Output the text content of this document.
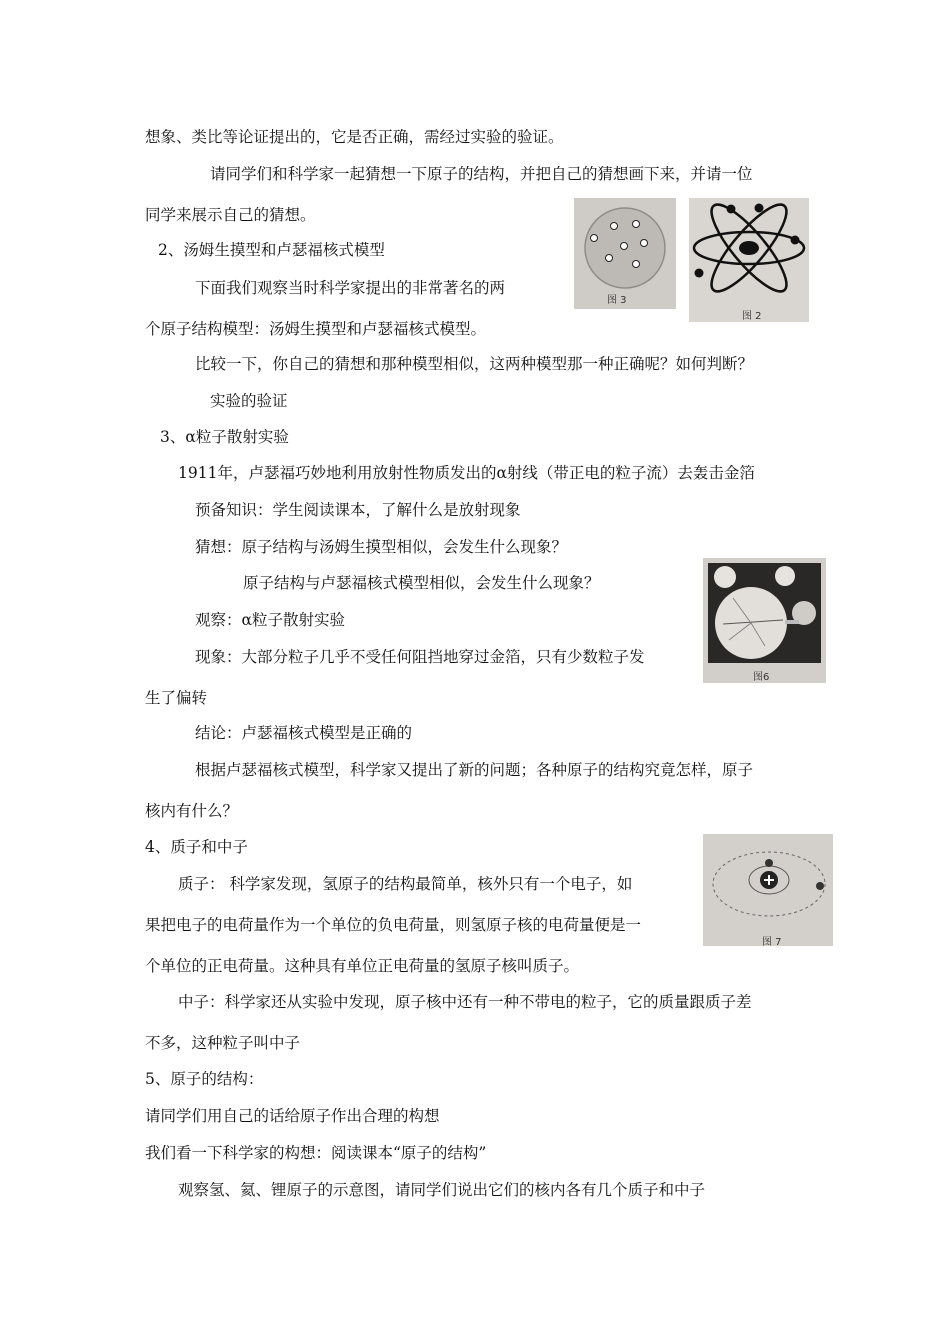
想象、类比等论证提出的，它是否正确，需经过实验的验证。
请同学们和科学家一起猜想一下原子的结构，并把自己的猜想画下来，并请一位
同学来展示自己的猜想。
2、汤姆生摸型和卢瑟福核式模型
下面我们观察当时科学家提出的非常著名的两
个原子结构模型：汤姆生摸型和卢瑟福核式模型。
比较一下，你自己的猜想和那种模型相似，这两种模型那一种正确呢？如何判断？
实验的验证
3、α粒子散射实验
1911年，卢瑟福巧妙地利用放射性物质发出的α射线（带正电的粒子流）去轰击金箔
预备知识：学生阅读课本，了解什么是放射现象
猜想：原子结构与汤姆生摸型相似，会发生什么现象？
原子结构与卢瑟福核式模型相似，会发生什么现象？
观察：α粒子散射实验
现象：大部分粒子几乎不受任何阻挡地穿过金箔，只有少数粒子发
生了偏转
结论：卢瑟福核式模型是正确的
根据卢瑟福核式模型，科学家又提出了新的问题；各种原子的结构究竟怎样，原子
核内有什么？
4、质子和中子
质子： 科学家发现，氢原子的结构最简单，核外只有一个电子，如
果把电子的电荷量作为一个单位的负电荷量，则氢原子核的电荷量便是一
个单位的正电荷量。这种具有单位正电荷量的氢原子核叫质子。
中子：科学家还从实验中发现，原子核中还有一种不带电的粒子，它的质量跟质子差
不多，这种粒子叫中子
5、原子的结构：
请同学们用自己的话给原子作出合理的构想
我们看一下科学家的构想：阅读课本“原子的结构”
观察氢、氦、锂原子的示意图，请同学们说出它们的核内各有几个质子和中子
图 3
图 2
图6
图 7
